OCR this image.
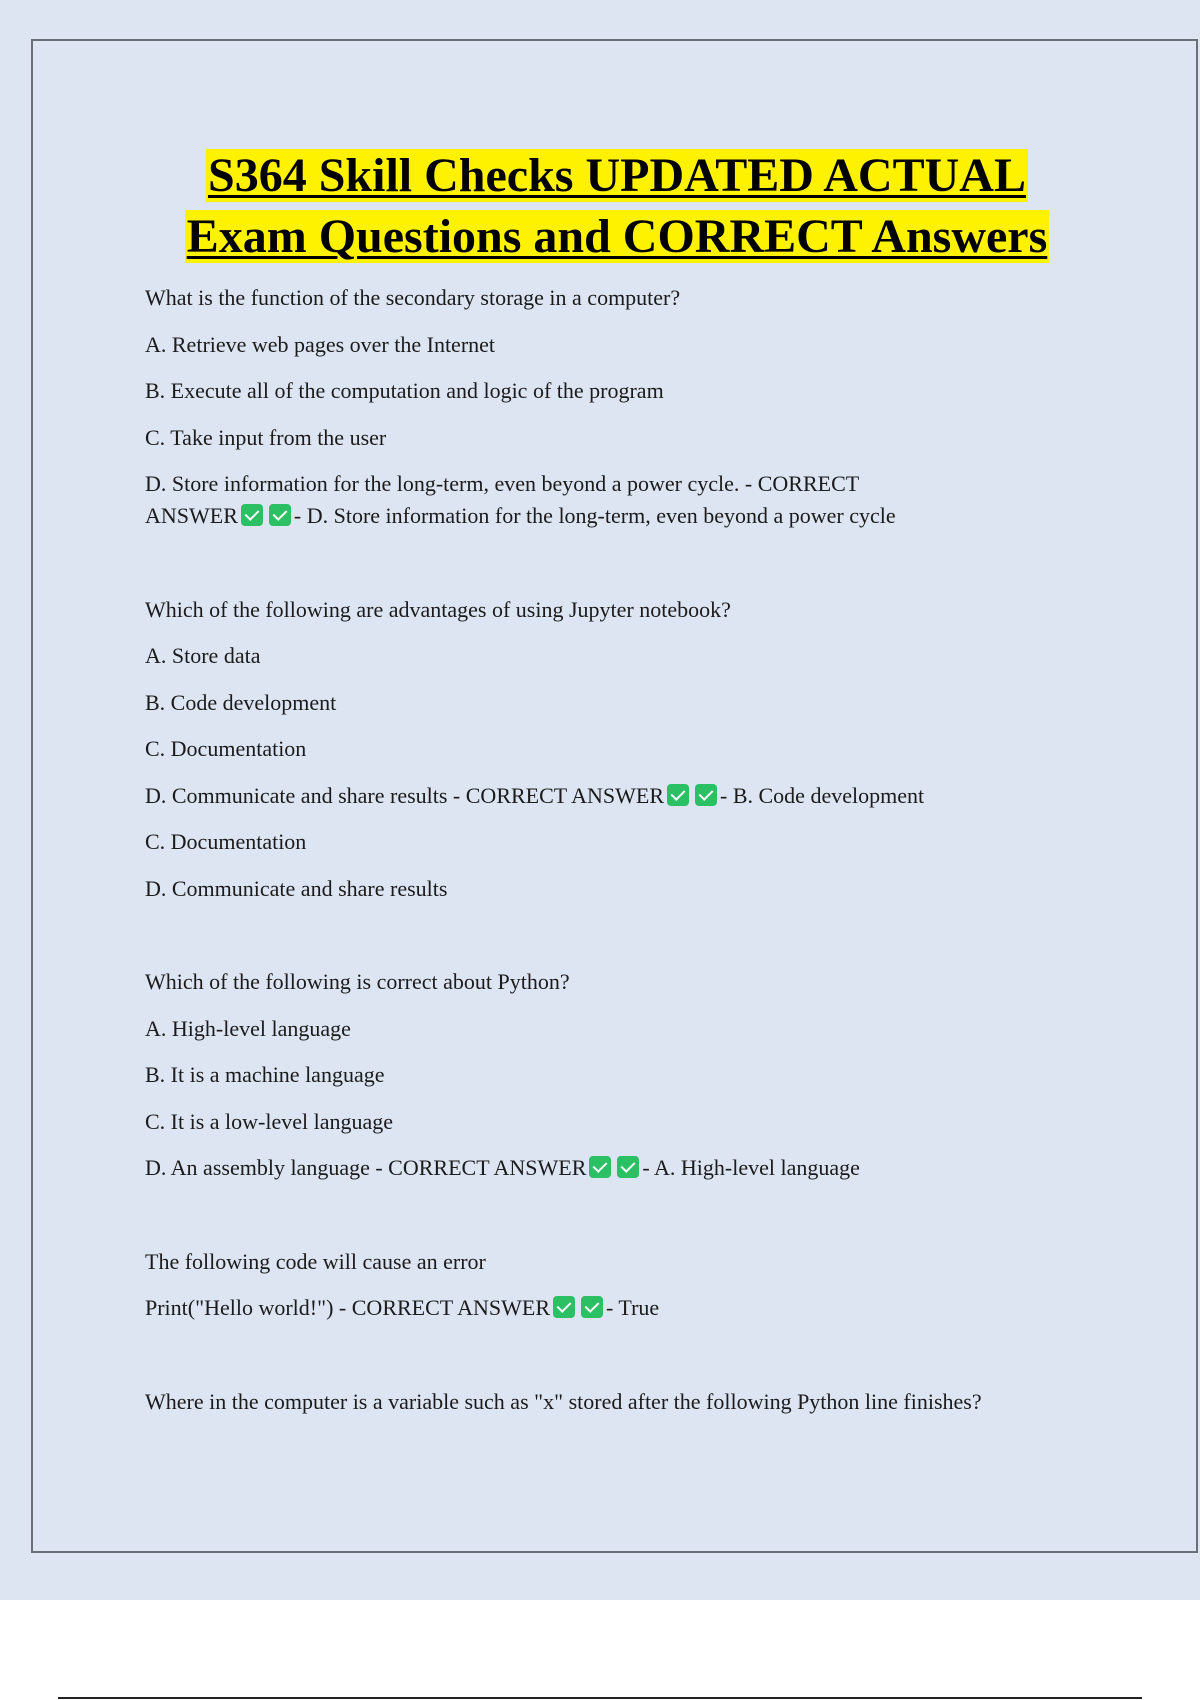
S364 Skill Checks UPDATED ACTUAL
Exam Questions and CORRECT Answers
What is the function of the secondary storage in a computer?
A. Retrieve web pages over the Internet
B. Execute all of the computation and logic of the program
C. Take input from the user
D. Store information for the long-term, even beyond a power cycle. - CORRECT
ANSWER	- D. Store information for the long-term, even beyond a power cycle
Which of the following are advantages of using Jupyter notebook?
A. Store data
B. Code development
C. Documentation
D. Communicate and share results - CORRECT ANSWER	- B. Code development
C. Documentation
D. Communicate and share results
Which of the following is correct about Python?
A. High-level language
B. It is a machine language
C. It is a low-level language
D. An assembly language - CORRECT ANSWER	- A. High-level language
The following code will cause an error
Print("Hello world!") - CORRECT ANSWER	- True
Where in the computer is a variable such as "x" stored after the following Python line finishes?
